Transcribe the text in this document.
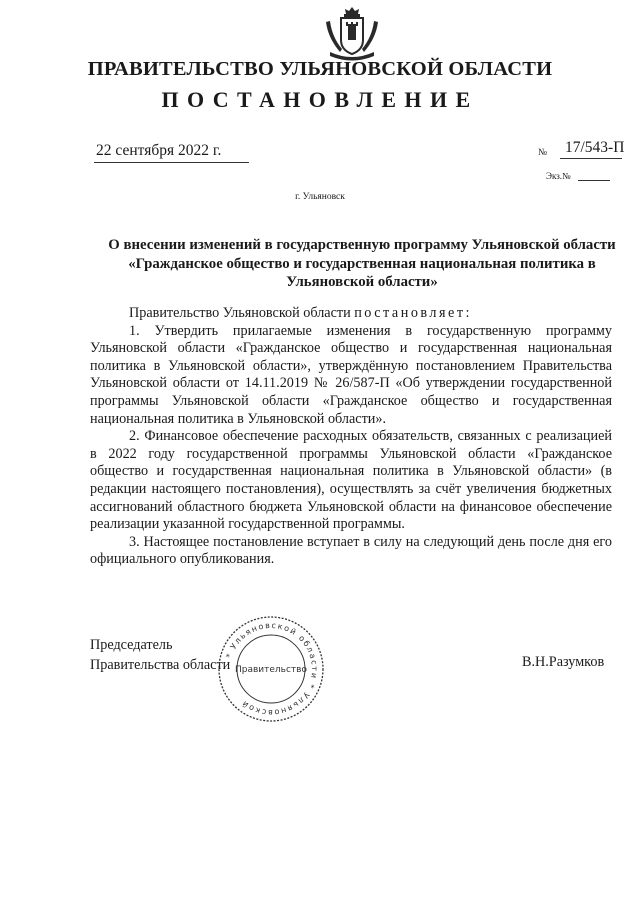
ПРАВИТЕЛЬСТВО УЛЬЯНОВСКОЙ ОБЛАСТИ
ПОСТАНОВЛЕНИЕ
22 сентября 2022 г.	№ 17/543-П
Экз.№
г. Ульяновск
О внесении изменений в государственную программу Ульяновской области «Гражданское общество и государственная национальная политика в Ульяновской области»

Правительство Ульяновской области постановляет:

1. Утвердить прилагаемые изменения в государственную программу Ульяновской области «Гражданское общество и государственная национальная политика в Ульяновской области», утверждённую постановлением Правительства Ульяновской области от 14.11.2019 № 26/587-П «Об утверждении государственной программы Ульяновской области «Гражданское общество и государственная национальная политика в Ульяновской области».

2. Финансовое обеспечение расходных обязательств, связанных с реализацией в 2022 году государственной программы Ульяновской области «Гражданское общество и государственная национальная политика в Ульяновской области» (в редакции настоящего постановления), осуществлять за счёт увеличения бюджетных ассигнований областного бюджета Ульяновской области на финансовое обеспечение реализации указанной государственной программы.

3. Настоящее постановление вступает в силу на следующий день после дня его официального опубликования.

Председатель
Правительства области	В.Н.Разумков
* Ульяновской области * Ульяновской
Правительство
